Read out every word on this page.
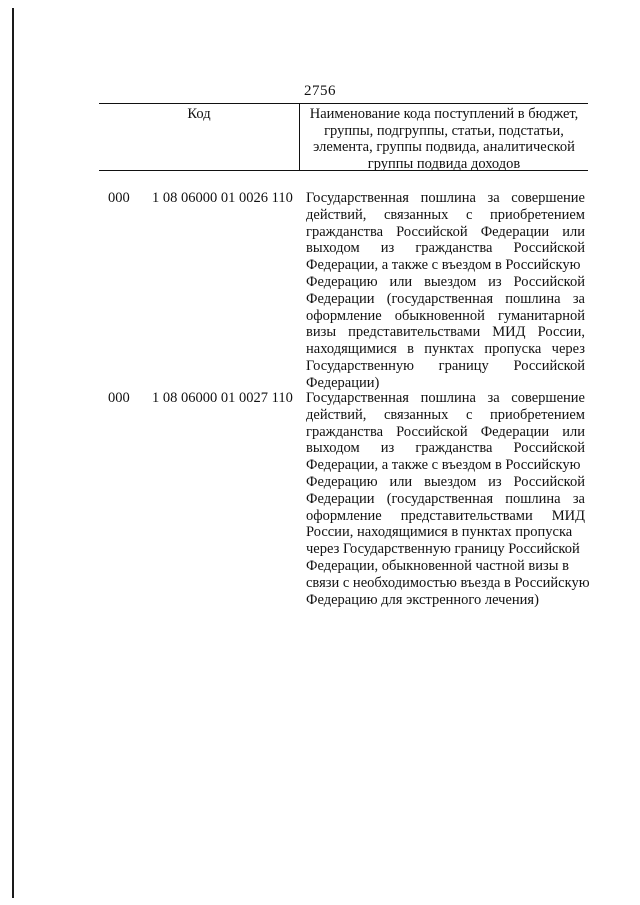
2756
Код	Наименование кода поступлений в бюджет,
группы, подгруппы, статьи, подстатьи,
элемента, группы подвида, аналитической
группы подвида доходов
000 1 08 06000 01 0026 110 Государственная пошлина за совершение
действий, связанных с приобретением
гражданства Российской Федерации или
выходом из гражданства Российской
Федерации, а также с въездом в Российскую
Федерацию или выездом из Российской
Федерации (государственная пошлина за
оформление обыкновенной гуманитарной
визы представительствами МИД России,
находящимися в пунктах пропуска через
Государственную границу Российской
Федерации)
000 1 08 06000 01 0027 110 Государственная пошлина за совершение
действий, связанных с приобретением
гражданства Российской Федерации или
выходом из гражданства Российской
Федерации, а также с въездом в Российскую
Федерацию или выездом из Российской
Федерации (государственная пошлина за
оформление представительствами МИД
России, находящимися в пунктах пропуска
через Государственную границу Российской
Федерации, обыкновенной частной визы в
связи с необходимостью въезда в Российскую
Федерацию для экстренного лечения)
